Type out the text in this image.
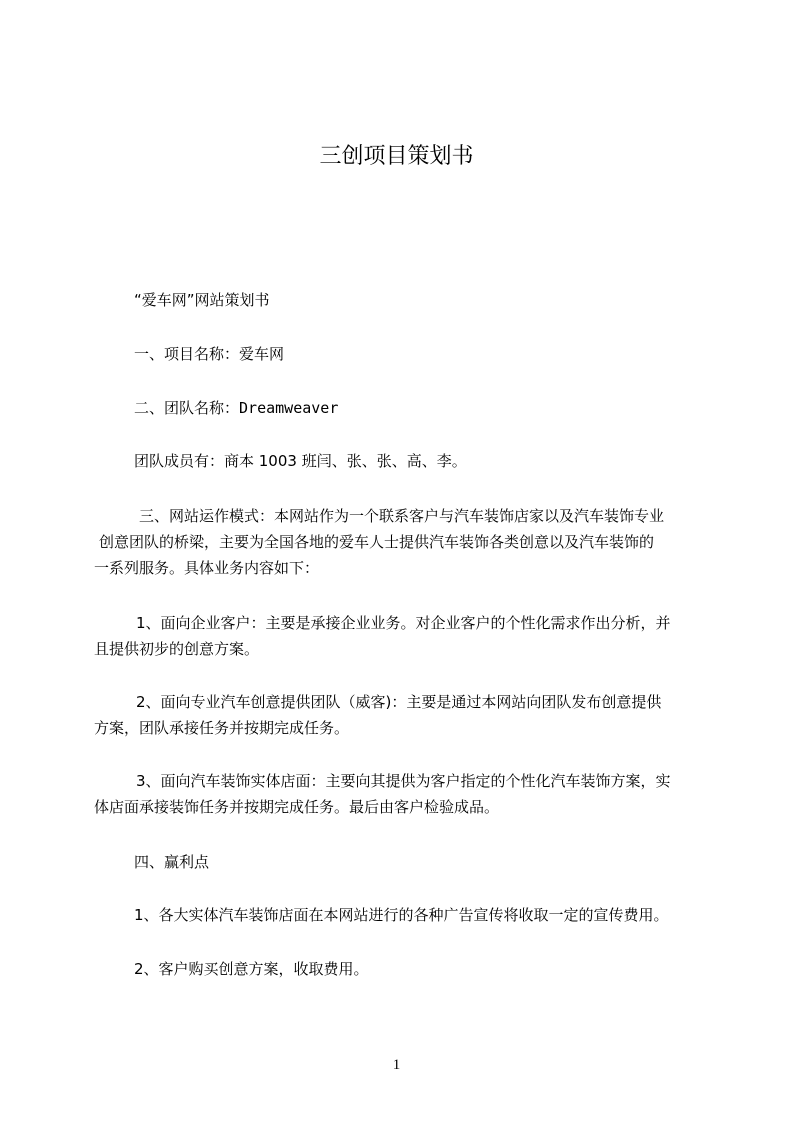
三创项目策划书
“爱车网”网站策划书
一、项目名称：爱车网
二、团队名称：Dreamweaver
团队成员有：商本 1003 班闫、张、张、高、李。
三、网站运作模式：本网站作为一个联系客户与汽车装饰店家以及汽车装饰专业
创意团队的桥梁，主要为全国各地的爱车人士提供汽车装饰各类创意以及汽车装饰的
一系列服务。具体业务内容如下：
1、面向企业客户：主要是承接企业业务。对企业客户的个性化需求作出分析，并
且提供初步的创意方案。
2、面向专业汽车创意提供团队（威客)：主要是通过本网站向团队发布创意提供
方案，团队承接任务并按期完成任务。
3、面向汽车装饰实体店面：主要向其提供为客户指定的个性化汽车装饰方案，实
体店面承接装饰任务并按期完成任务。最后由客户检验成品。
四、赢利点
1、各大实体汽车装饰店面在本网站进行的各种广告宣传将收取一定的宣传费用。
2、客户购买创意方案，收取费用。
1
